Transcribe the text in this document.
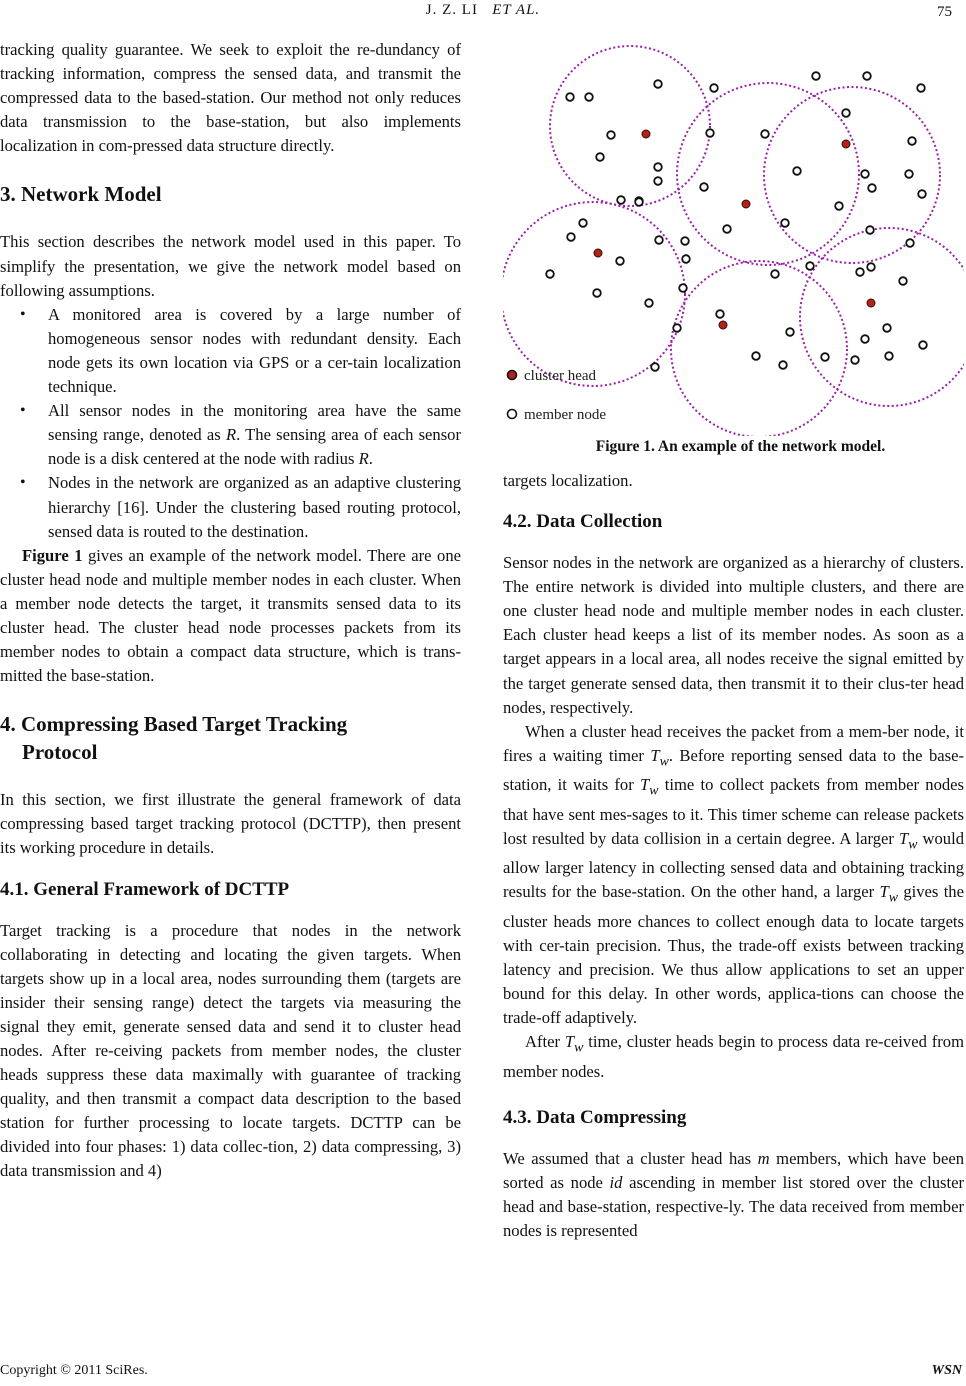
J. Z. LI ET AL.	75

tracking quality guarantee. We seek to exploit the re-dundancy of tracking information, compress the sensed data, and transmit the compressed data to the based-station. Our method not only reduces data transmission to the base-station, but also implements localization in com-pressed data structure directly.

3. Network Model

This section describes the network model used in this paper. To simplify the presentation, we give the network model based on following assumptions.

• A monitored area is covered by a large number of homogeneous sensor nodes with redundant density. Each node gets its own location via GPS or a cer-tain localization technique.
• All sensor nodes in the monitoring area have the same sensing range, denoted as R. The sensing area of each sensor node is a disk centered at the node with radius R.
• Nodes in the network are organized as an adaptive clustering hierarchy [16]. Under the clustering based routing protocol, sensed data is routed to the destination.

Figure 1 gives an example of the network model. There are one cluster head node and multiple member nodes in each cluster. When a member node detects the target, it transmits sensed data to its cluster head. The cluster head node processes packets from its member nodes to obtain a compact data structure, which is trans-mitted the base-station.

4. Compressing Based Target Tracking
Protocol

In this section, we first illustrate the general framework of data compressing based target tracking protocol (DCTTP), then present its working procedure in details.

4.1. General Framework of DCTTP

Target tracking is a procedure that nodes in the network collaborating in detecting and locating the given targets. When targets show up in a local area, nodes surrounding them (targets are insider their sensing range) detect the targets via measuring the signal they emit, generate sensed data and send it to cluster head nodes. After re-ceiving packets from member nodes, the cluster heads suppress these data maximally with guarantee of tracking quality, and then transmit a compact data description to the based station for further processing to locate targets. DCTTP can be divided into four phases: 1) data collec-tion, 2) data compressing, 3) data transmission and 4)

cluster head
member node
Figure 1. An example of the network model.

targets localization.

4.2. Data Collection

Sensor nodes in the network are organized as a hierarchy of clusters. The entire network is divided into multiple clusters, and there are one cluster head node and multiple member nodes in each cluster. Each cluster head keeps a list of its member nodes. As soon as a target appears in a local area, all nodes receive the signal emitted by the target generate sensed data, then transmit it to their clus-ter head nodes, respectively.

When a cluster head receives the packet from a mem-ber node, it fires a waiting timer $T_w$. Before reporting sensed data to the base-station, it waits for $T_w$ time to collect packets from member nodes that have sent mes-sages to it. This timer scheme can release packets lost resulted by data collision in a certain degree. A larger $T_w$ would allow larger latency in collecting sensed data and obtaining tracking results for the base-station. On the other hand, a larger $T_w$ gives the cluster heads more chances to collect enough data to locate targets with cer-tain precision. Thus, the trade-off exists between tracking latency and precision. We thus allow applications to set an upper bound for this delay. In other words, applica-tions can choose the trade-off adaptively.

After $T_w$ time, cluster heads begin to process data re-ceived from member nodes.

4.3. Data Compressing

We assumed that a cluster head has m members, which have been sorted as node id ascending in member list stored over the cluster head and base-station, respective-ly. The data received from member nodes is represented

Copyright © 2011 SciRes.	WSN
